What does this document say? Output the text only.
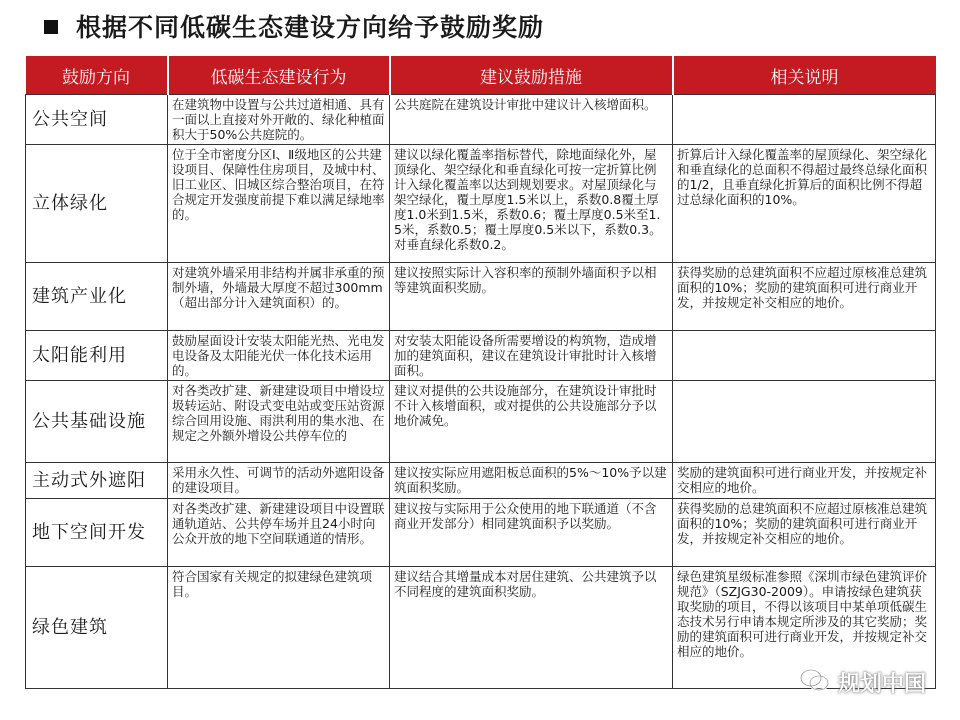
根据不同低碳生态建设方向给予鼓励奖励
鼓励方向	低碳生态建设行为	建议鼓励措施	相关说明
公共空间	在建筑物中设置与公共过道相通、具有一面以上直接对外开敞的、绿化种植面积大于50%公共庭院的。	公共庭院在建筑设计审批中建议计入核增面积。	
立体绿化	位于全市密度分区Ⅰ、Ⅱ级地区的公共建设项目、保障性住房项目，及城中村、旧工业区、旧城区综合整治项目，在符合规定开发强度前提下难以满足绿地率的。	建议以绿化覆盖率指标替代，除地面绿化外，屋顶绿化、架空绿化和垂直绿化可按一定折算比例计入绿化覆盖率以达到规划要求。对屋顶绿化与架空绿化，覆土厚度1.5米以上，系数0.8覆土厚度1.0米到1.5米，系数0.6；覆土厚度0.5米至1.5米，系数0.5；覆土厚度0.5米以下，系数0.3。对垂直绿化系数0.2。	折算后计入绿化覆盖率的屋顶绿化、架空绿化和垂直绿化的总面积不得超过最终总绿化面积的1/2，且垂直绿化折算后的面积比例不得超过总绿化面积的10%。
建筑产业化	对建筑外墙采用非结构并属非承重的预制外墙，外墙最大厚度不超过300mm（超出部分计入建筑面积）的。	建议按照实际计入容积率的预制外墙面积予以相等建筑面积奖励。	获得奖励的总建筑面积不应超过原核准总建筑面积的10%；奖励的建筑面积可进行商业开发，并按规定补交相应的地价。
太阳能利用	鼓励屋面设计安装太阳能光热、光电发电设备及太阳能光伏一体化技术运用的。	对安装太阳能设备所需要增设的构筑物，造成增加的建筑面积，建议在建筑设计审批时计入核增面积。	
公共基础设施	对各类改扩建、新建建设项目中增设垃圾转运站、附设式变电站或变压站资源综合回用设施、雨洪利用的集水池、在规定之外额外增设公共停车位的	建议对提供的公共设施部分，在建筑设计审批时不计入核增面积，或对提供的公共设施部分予以地价减免。	
主动式外遮阳	采用永久性、可调节的活动外遮阳设备的建设项目。	建议按实际应用遮阳板总面积的5%～10%予以建筑面积奖励。	奖励的建筑面积可进行商业开发，并按规定补交相应的地价。
地下空间开发	对各类改扩建、新建建设项目中设置联通轨道站、公共停车场并且24小时向公众开放的地下空间联通道的情形。	建议按与实际用于公众使用的地下联通道（不含商业开发部分）相同建筑面积予以奖励。	获得奖励的总建筑面积不应超过原核准总建筑面积的10%；奖励的建筑面积可进行商业开发，并按规定补交相应的地价。
绿色建筑	符合国家有关规定的拟建绿色建筑项目。	建议结合其增量成本对居住建筑、公共建筑予以不同程度的建筑面积奖励。	绿色建筑星级标准参照《深圳市绿色建筑评价规范》（SZJG30-2009）。申请按绿色建筑获取奖励的项目，不得以该项目中某单项低碳生态技术另行申请本规定所涉及的其它奖励；奖励的建筑面积可进行商业开发，并按规定补交相应的地价。
规划中国
